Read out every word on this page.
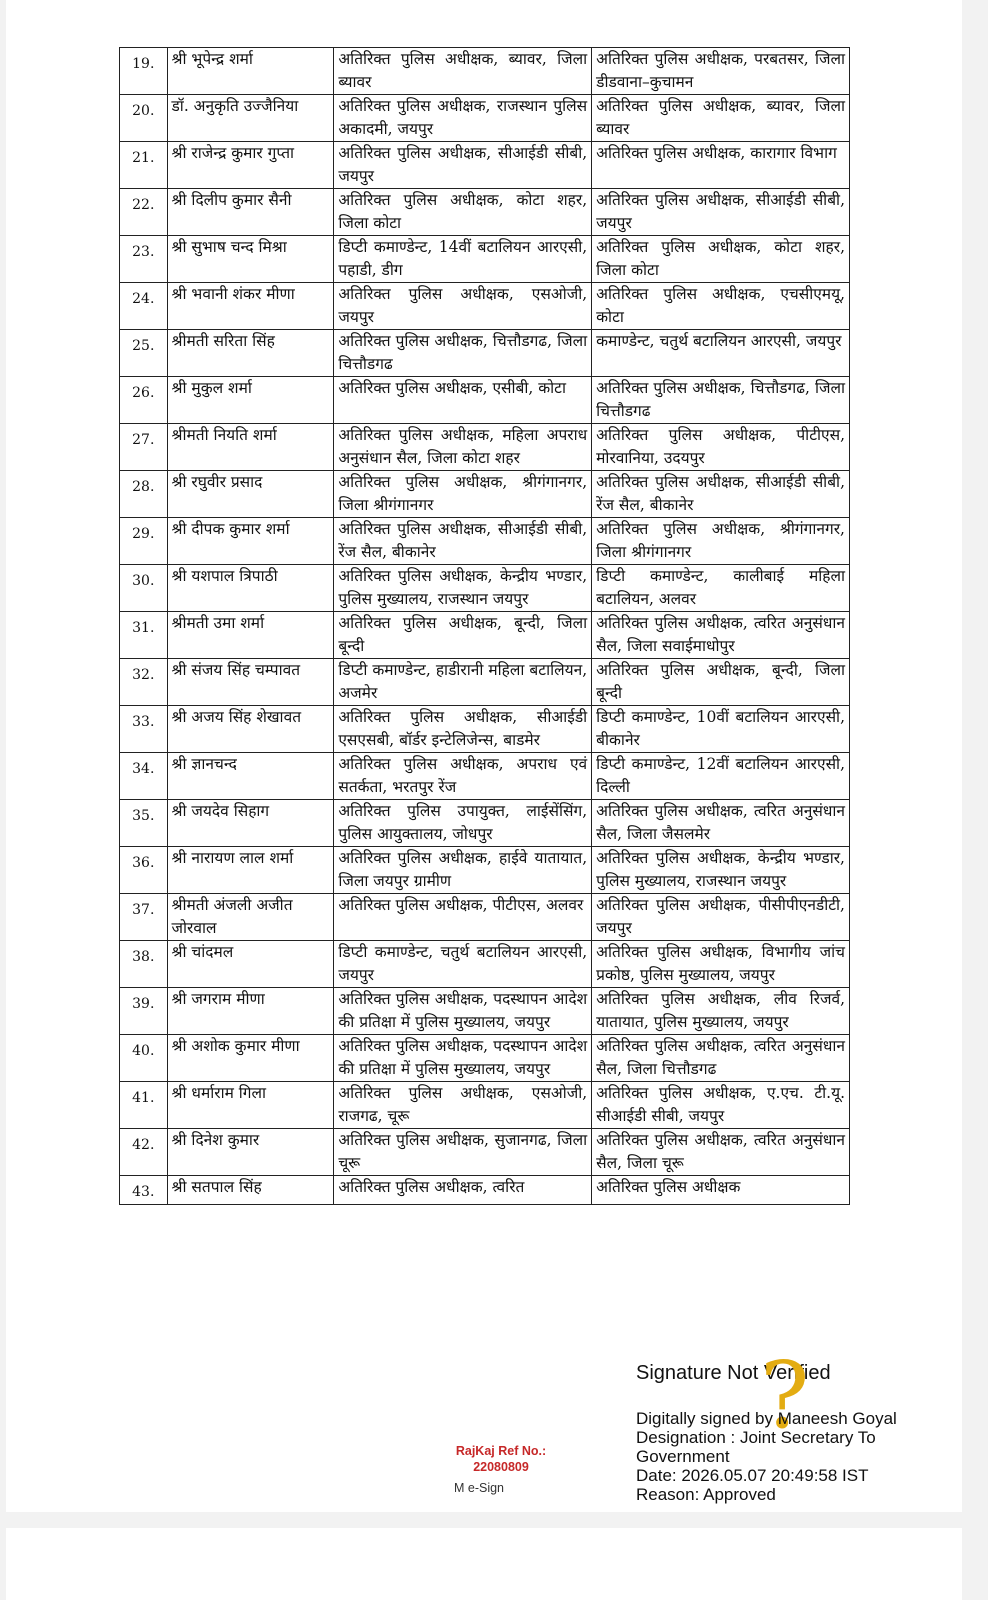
19.	श्री भूपेन्द्र शर्मा	अतिरिक्त पुलिस अधीक्षक, ब्यावर, जिला ब्यावर	अतिरिक्त पुलिस अधीक्षक, परबतसर, जिला डीडवाना–कुचामन
20.	डॉ. अनुकृति उज्जैनिया	अतिरिक्त पुलिस अधीक्षक, राजस्थान पुलिस अकादमी, जयपुर	अतिरिक्त पुलिस अधीक्षक, ब्यावर, जिला ब्यावर
21.	श्री राजेन्द्र कुमार गुप्ता	अतिरिक्त पुलिस अधीक्षक, सीआईडी सीबी, जयपुर	अतिरिक्त पुलिस अधीक्षक, कारागार विभाग
22.	श्री दिलीप कुमार सैनी	अतिरिक्त पुलिस अधीक्षक, कोटा शहर, जिला कोटा	अतिरिक्त पुलिस अधीक्षक, सीआईडी सीबी, जयपुर
23.	श्री सुभाष चन्द मिश्रा	डिप्टी कमाण्डेन्ट, 14वीं बटालियन आरएसी, पहाडी, डीग	अतिरिक्त पुलिस अधीक्षक, कोटा शहर, जिला कोटा
24.	श्री भवानी शंकर मीणा	अतिरिक्त पुलिस अधीक्षक, एसओजी, जयपुर	अतिरिक्त पुलिस अधीक्षक, एचसीएमयू, कोटा
25.	श्रीमती सरिता सिंह	अतिरिक्त पुलिस अधीक्षक, चित्तौडगढ, जिला चित्तौडगढ	कमाण्डेन्ट, चतुर्थ बटालियन आरएसी, जयपुर
26.	श्री मुकुल शर्मा	अतिरिक्त पुलिस अधीक्षक, एसीबी, कोटा	अतिरिक्त पुलिस अधीक्षक, चित्तौडगढ, जिला चित्तौडगढ
27.	श्रीमती नियति शर्मा	अतिरिक्त पुलिस अधीक्षक, महिला अपराध अनुसंधान सैल, जिला कोटा शहर	अतिरिक्त पुलिस अधीक्षक, पीटीएस, मोरवानिया, उदयपुर
28.	श्री रघुवीर प्रसाद	अतिरिक्त पुलिस अधीक्षक, श्रीगंगानगर, जिला श्रीगंगानगर	अतिरिक्त पुलिस अधीक्षक, सीआईडी सीबी, रेंज सैल, बीकानेर
29.	श्री दीपक कुमार शर्मा	अतिरिक्त पुलिस अधीक्षक, सीआईडी सीबी, रेंज सैल, बीकानेर	अतिरिक्त पुलिस अधीक्षक, श्रीगंगानगर, जिला श्रीगंगानगर
30.	श्री यशपाल त्रिपाठी	अतिरिक्त पुलिस अधीक्षक, केन्द्रीय भण्डार, पुलिस मुख्यालय, राजस्थान जयपुर	डिप्टी कमाण्डेन्ट, कालीबाई महिला बटालियन, अलवर
31.	श्रीमती उमा शर्मा	अतिरिक्त पुलिस अधीक्षक, बून्दी, जिला बून्दी	अतिरिक्त पुलिस अधीक्षक, त्वरित अनुसंधान सैल, जिला सवाईमाधोपुर
32.	श्री संजय सिंह चम्पावत	डिप्टी कमाण्डेन्ट, हाडीरानी महिला बटालियन, अजमेर	अतिरिक्त पुलिस अधीक्षक, बून्दी, जिला बून्दी
33.	श्री अजय सिंह शेखावत	अतिरिक्त पुलिस अधीक्षक, सीआईडी एसएसबी, बॉर्डर इन्टेलिजेन्स, बाडमेर	डिप्टी कमाण्डेन्ट, 10वीं बटालियन आरएसी, बीकानेर
34.	श्री ज्ञानचन्द	अतिरिक्त पुलिस अधीक्षक, अपराध एवं सतर्कता, भरतपुर रेंज	डिप्टी कमाण्डेन्ट, 12वीं बटालियन आरएसी, दिल्ली
35.	श्री जयदेव सिहाग	अतिरिक्त पुलिस उपायुक्त, लाईसेंसिंग, पुलिस आयुक्तालय, जोधपुर	अतिरिक्त पुलिस अधीक्षक, त्वरित अनुसंधान सैल, जिला जैसलमेर
36.	श्री नारायण लाल शर्मा	अतिरिक्त पुलिस अधीक्षक, हाईवे यातायात, जिला जयपुर ग्रामीण	अतिरिक्त पुलिस अधीक्षक, केन्द्रीय भण्डार, पुलिस मुख्यालय, राजस्थान जयपुर
37.	श्रीमती अंजली अजीत जोरवाल	अतिरिक्त पुलिस अधीक्षक, पीटीएस, अलवर	अतिरिक्त पुलिस अधीक्षक, पीसीपीएनडीटी, जयपुर
38.	श्री चांदमल	डिप्टी कमाण्डेन्ट, चतुर्थ बटालियन आरएसी, जयपुर	अतिरिक्त पुलिस अधीक्षक, विभागीय जांच प्रकोष्ठ, पुलिस मुख्यालय, जयपुर
39.	श्री जगराम मीणा	अतिरिक्त पुलिस अधीक्षक, पदस्थापन आदेश की प्रतिक्षा में पुलिस मुख्यालय, जयपुर	अतिरिक्त पुलिस अधीक्षक, लीव रिजर्व, यातायात, पुलिस मुख्यालय, जयपुर
40.	श्री अशोक कुमार मीणा	अतिरिक्त पुलिस अधीक्षक, पदस्थापन आदेश की प्रतिक्षा में पुलिस मुख्यालय, जयपुर	अतिरिक्त पुलिस अधीक्षक, त्वरित अनुसंधान सैल, जिला चित्तौडगढ
41.	श्री धर्माराम गिला	अतिरिक्त पुलिस अधीक्षक, एसओजी, राजगढ, चूरू	अतिरिक्त पुलिस अधीक्षक, ए.एच. टी.यू. सीआईडी सीबी, जयपुर
42.	श्री दिनेश कुमार	अतिरिक्त पुलिस अधीक्षक, सुजानगढ, जिला चूरू	अतिरिक्त पुलिस अधीक्षक, त्वरित अनुसंधान सैल, जिला चूरू
43.	श्री सतपाल सिंह	अतिरिक्त पुलिस अधीक्षक, त्वरित	अतिरिक्त पुलिस अधीक्षक
Signature Not Verified
?
Digitally signed by Maneesh Goyal
Designation : Joint Secretary To
Government
Date: 2026.05.07 20:49:58 IST
Reason: Approved
RajKaj Ref No.:
22080809
M e-Sign
